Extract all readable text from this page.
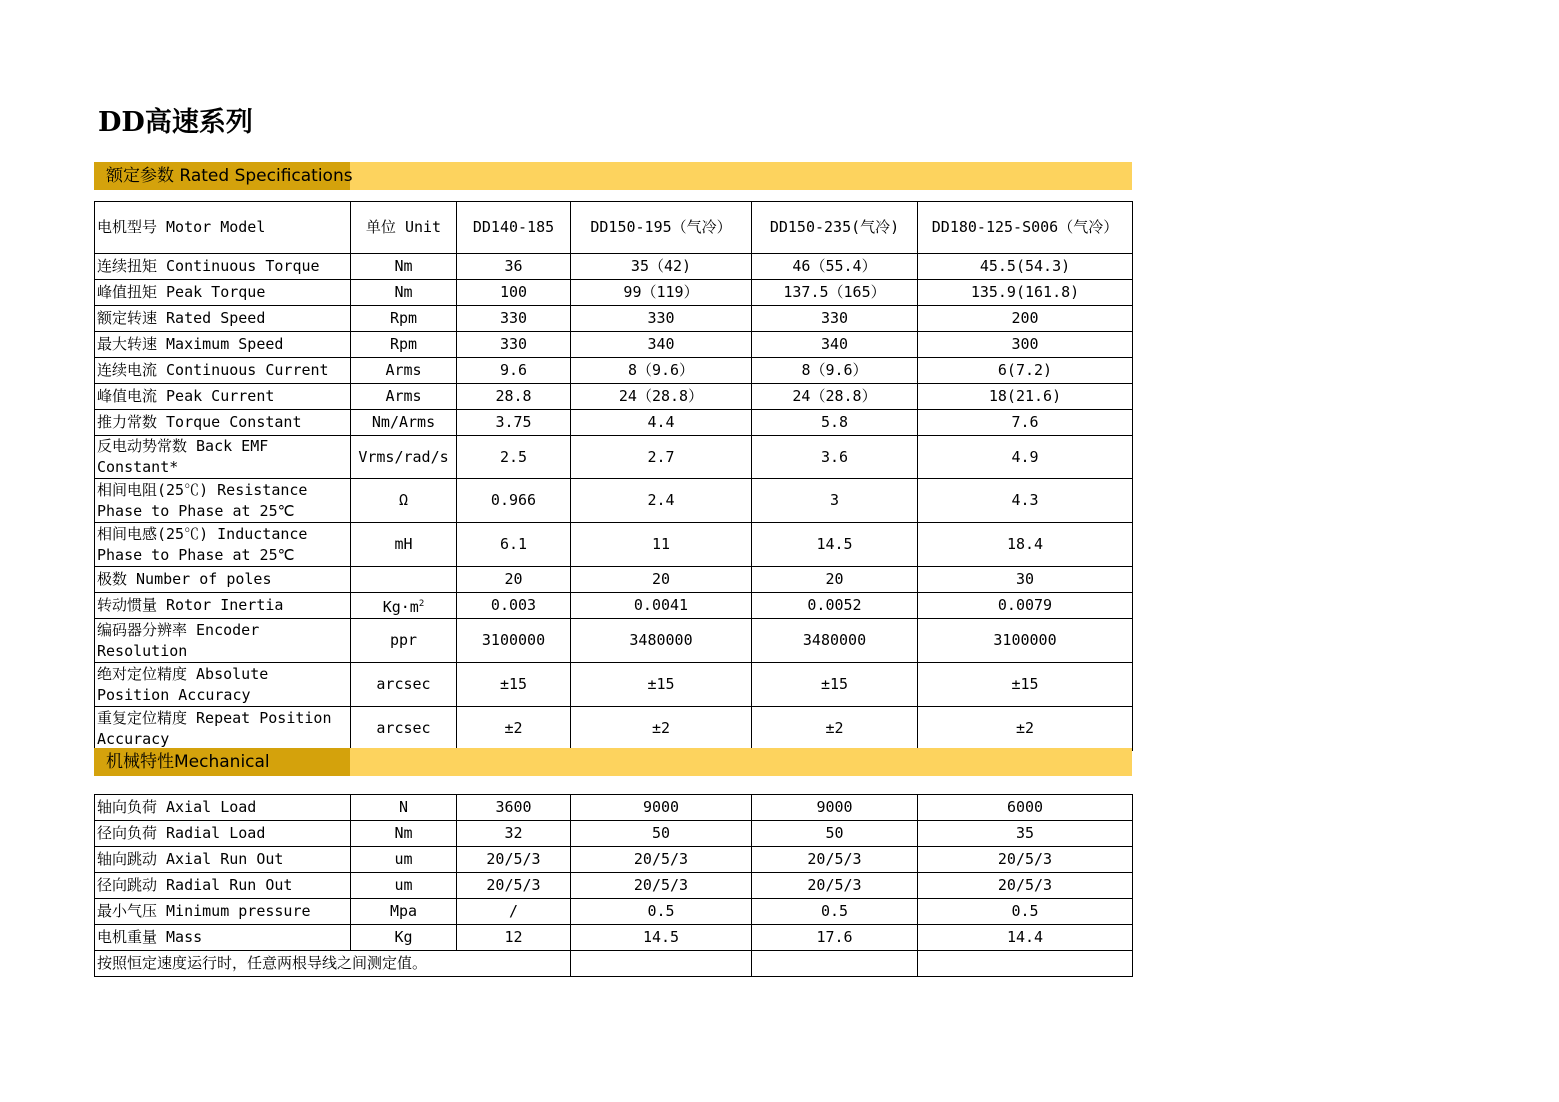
DD高速系列
额定参数 Rated Specifications
电机型号 Motor Model	单位 Unit	DD140-185	DD150-195（气冷）	DD150-235(气冷)	DD180-125-S006（气冷）
连续扭矩 Continuous Torque	Nm	36	35（42)	46（55.4）	45.5(54.3)
峰值扭矩 Peak Torque	Nm	100	99（119）	137.5（165）	135.9(161.8)
额定转速 Rated Speed	Rpm	330	330	330	200
最大转速 Maximum Speed	Rpm	330	340	340	300
连续电流 Continuous Current	Arms	9.6	8（9.6）	8（9.6）	6(7.2)
峰值电流 Peak Current	Arms	28.8	24（28.8）	24（28.8）	18(21.6)
推力常数 Torque Constant	Nm/Arms	3.75	4.4	5.8	7.6
反电动势常数 Back EMF Constant*	Vrms/rad/s	2.5	2.7	3.6	4.9
相间电阻(25℃) Resistance Phase to Phase at 25℃	Ω	0.966	2.4	3	4.3
相间电感(25℃) Inductance Phase to Phase at 25℃	mH	6.1	11	14.5	18.4
极数 Number of poles		20	20	20	30
转动惯量 Rotor Inertia	$Kg\cdot m^2$	0.003	0.0041	0.0052	0.0079
编码器分辨率 Encoder Resolution	ppr	3100000	3480000	3480000	3100000
绝对定位精度 Absolute Position Accuracy	arcsec	±15	±15	±15	±15
重复定位精度 Repeat Position Accuracy	arcsec	±2	±2	±2	±2
机械特性Mechanical
轴向负荷 Axial Load	N	3600	9000	9000	6000
径向负荷 Radial Load	Nm	32	50	50	35
轴向跳动 Axial Run Out	um	20/5/3	20/5/3	20/5/3	20/5/3
径向跳动 Radial Run Out	um	20/5/3	20/5/3	20/5/3	20/5/3
最小气压 Minimum pressure	Mpa	/	0.5	0.5	0.5
电机重量 Mass	Kg	12	14.5	17.6	14.4
按照恒定速度运行时，任意两根导线之间测定值。					
